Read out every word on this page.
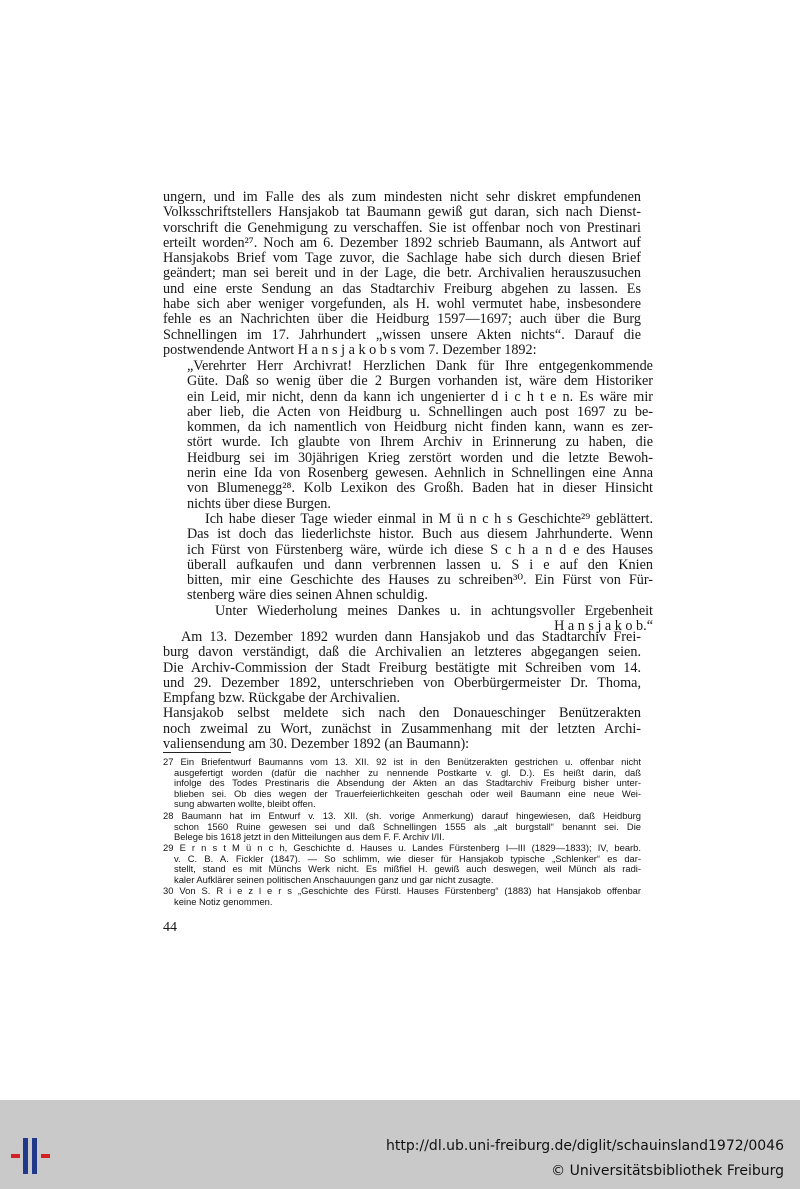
ungern, und im Falle des als zum mindesten nicht sehr diskret empfundenen
Volksschriftstellers Hansjakob tat Baumann gewiß gut daran, sich nach Dienst-
vorschrift die Genehmigung zu verschaffen. Sie ist offenbar noch von Prestinari
erteilt worden²⁷. Noch am 6. Dezember 1892 schrieb Baumann, als Antwort auf
Hansjakobs Brief vom Tage zuvor, die Sachlage habe sich durch diesen Brief
geändert; man sei bereit und in der Lage, die betr. Archivalien herauszusuchen
und eine erste Sendung an das Stadtarchiv Freiburg abgehen zu lassen. Es
habe sich aber weniger vorgefunden, als H. wohl vermutet habe, insbesondere
fehle es an Nachrichten über die Heidburg 1597—1697; auch über die Burg
Schnellingen im 17. Jahrhundert „wissen unsere Akten nichts“. Darauf die
postwendende Antwort H a n s j a k o b s vom 7. Dezember 1892:
„Verehrter Herr Archivrat! Herzlichen Dank für Ihre entgegenkommende
Güte. Daß so wenig über die 2 Burgen vorhanden ist, wäre dem Historiker
ein Leid, mir nicht, denn da kann ich ungenierter d i c h t e n. Es wäre mir
aber lieb, die Acten von Heidburg u. Schnellingen auch post 1697 zu be-
kommen, da ich namentlich von Heidburg nicht finden kann, wann es zer-
stört wurde. Ich glaubte von Ihrem Archiv in Erinnerung zu haben, die
Heidburg sei im 30jährigen Krieg zerstört worden und die letzte Bewoh-
nerin eine Ida von Rosenberg gewesen. Aehnlich in Schnellingen eine Anna
von Blumenegg²⁸. Kolb Lexikon des Großh. Baden hat in dieser Hinsicht
nichts über diese Burgen.
Ich habe dieser Tage wieder einmal in M ü n c h s Geschichte²⁹ geblättert.
Das ist doch das liederlichste histor. Buch aus diesem Jahrhunderte. Wenn
ich Fürst von Fürstenberg wäre, würde ich diese S c h a n d e des Hauses
überall aufkaufen und dann verbrennen lassen u. S i e auf den Knien
bitten, mir eine Geschichte des Hauses zu schreiben³⁰. Ein Fürst von Für-
stenberg wäre dies seinen Ahnen schuldig.
Unter Wiederholung meines Dankes u. in achtungsvoller Ergebenheit
H a n s j a k o b.“
Am 13. Dezember 1892 wurden dann Hansjakob und das Stadtarchiv Frei-
burg davon verständigt, daß die Archivalien an letzteres abgegangen seien.
Die Archiv-Commission der Stadt Freiburg bestätigte mit Schreiben vom 14.
und 29. Dezember 1892, unterschrieben von Oberbürgermeister Dr. Thoma,
Empfang bzw. Rückgabe der Archivalien.
Hansjakob selbst meldete sich nach den Donaueschinger Benützerakten
noch zweimal zu Wort, zunächst in Zusammenhang mit der letzten Archi-
valiensendung am 30. Dezember 1892 (an Baumann):
27 Ein Briefentwurf Baumanns vom 13. XII. 92 ist in den Benützerakten gestrichen u. offenbar nicht
ausgefertigt worden (dafür die nachher zu nennende Postkarte v. gl. D.). Es heißt darin, daß
infolge des Todes Prestinaris die Absendung der Akten an das Stadtarchiv Freiburg bisher unter-
blieben sei. Ob dies wegen der Trauerfeierlichkeiten geschah oder weil Baumann eine neue Wei-
sung abwarten wollte, bleibt offen.
28 Baumann hat im Entwurf v. 13. XII. (sh. vorige Anmerkung) darauf hingewiesen, daß Heidburg
schon 1560 Ruine gewesen sei und daß Schnellingen 1555 als „alt burgstall“ benannt sei. Die
Belege bis 1618 jetzt in den Mitteilungen aus dem F. F. Archiv I/II.
29 E r n s t M ü n c h, Geschichte d. Hauses u. Landes Fürstenberg I—III (1829—1833); IV, bearb.
v. C. B. A. Fickler (1847). — So schlimm, wie dieser für Hansjakob typische „Schlenker“ es dar-
stellt, stand es mit Münchs Werk nicht. Es mißfiel H. gewiß auch deswegen, weil Münch als radi-
kaler Aufklärer seinen politischen Anschauungen ganz und gar nicht zusagte.
30 Von S. R i e z l e r s „Geschichte des Fürstl. Hauses Fürstenberg“ (1883) hat Hansjakob offenbar
keine Notiz genommen.
44
http://dl.ub.uni-freiburg.de/diglit/schauinsland1972/0046
© Universitätsbibliothek Freiburg
